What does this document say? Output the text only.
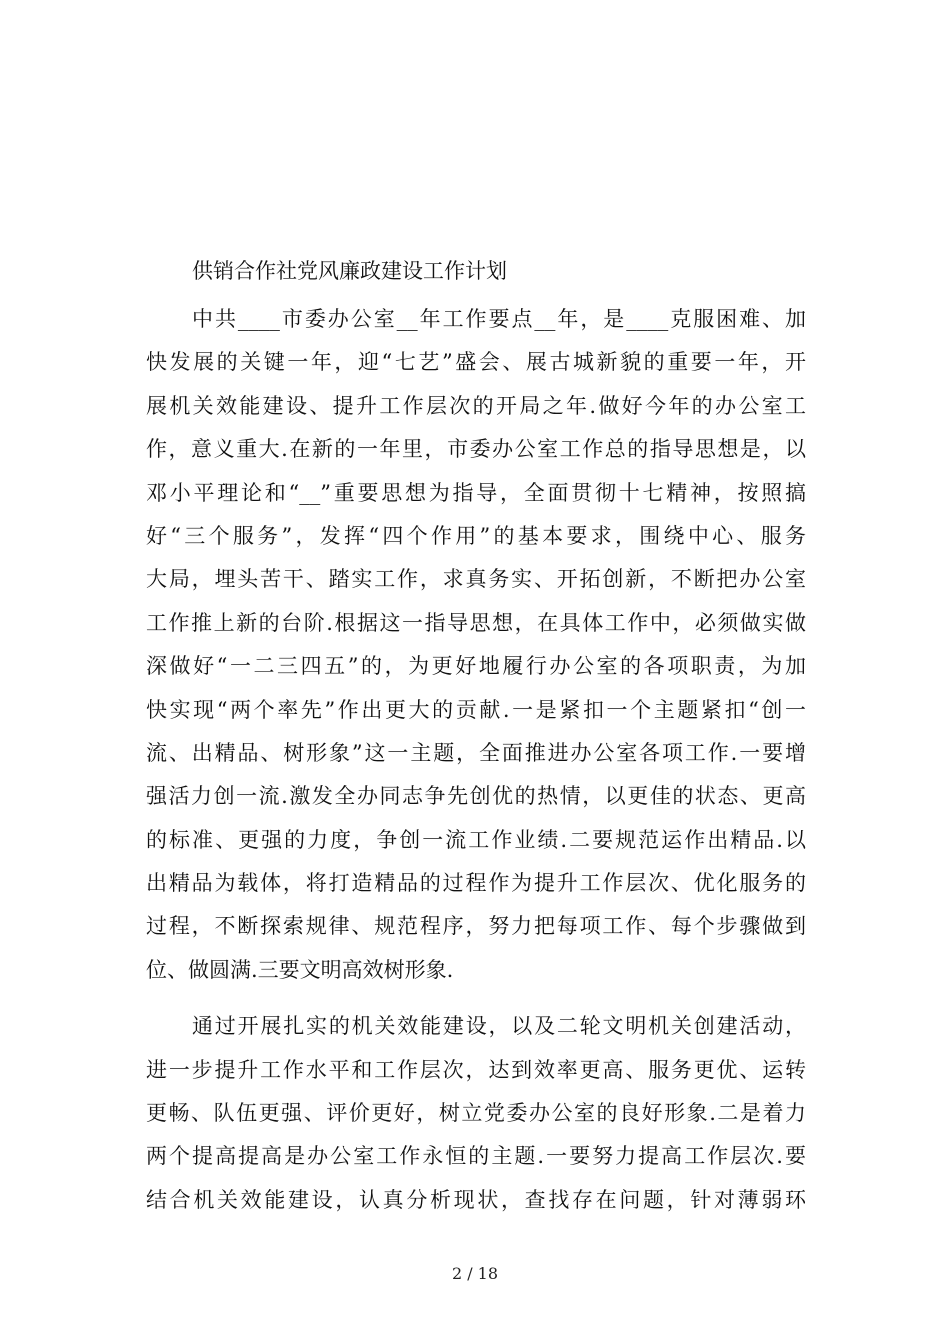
供销合作社党风廉政建设工作计划
中共____市委办公室__年工作要点__年，是____克服困难、加
快发展的关键一年，迎“七艺”盛会、展古城新貌的重要一年，开
展机关效能建设、提升工作层次的开局之年.做好今年的办公室工
作，意义重大.在新的一年里，市委办公室工作总的指导思想是，以
邓小平理论和“__”重要思想为指导，全面贯彻十七精神，按照搞
好“三个服务”，发挥“四个作用”的基本要求，围绕中心、服务
大局，埋头苦干、踏实工作，求真务实、开拓创新，不断把办公室
工作推上新的台阶.根据这一指导思想，在具体工作中，必须做实做
深做好“一二三四五”的，为更好地履行办公室的各项职责，为加
快实现“两个率先”作出更大的贡献.一是紧扣一个主题紧扣“创一
流、出精品、树形象”这一主题，全面推进办公室各项工作.一要增
强活力创一流.激发全办同志争先创优的热情，以更佳的状态、更高
的标准、更强的力度，争创一流工作业绩.二要规范运作出精品.以
出精品为载体，将打造精品的过程作为提升工作层次、优化服务的
过程，不断探索规律、规范程序，努力把每项工作、每个步骤做到
位、做圆满.三要文明高效树形象.
通过开展扎实的机关效能建设，以及二轮文明机关创建活动，
进一步提升工作水平和工作层次，达到效率更高、服务更优、运转
更畅、队伍更强、评价更好，树立党委办公室的良好形象.二是着力
两个提高提高是办公室工作永恒的主题.一要努力提高工作层次.要
结合机关效能建设，认真分析现状，查找存在问题，针对薄弱环
2 / 18
